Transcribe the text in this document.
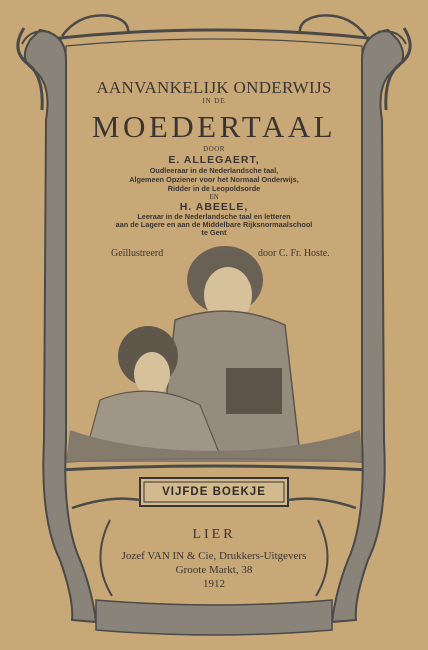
AANVANKELIJK ONDERWIJS
IN DE
MOEDERTAAL
DOOR
E. ALLEGAERT,
Oudleeraar in de Nederlandsche taal,
Algemeen Opziener voor het Normaal Onderwijs,
Ridder in de Leopoldsorde
EN
H. ABEELE,
Leeraar in de Nederlandsche taal en letteren
aan de Lagere en aan de Middelbare Rijksnormaalschool
te Gent
Geïllustreerd	door C. Fr. Hoste.
VIJFDE BOEKJE
LIER
Jozef VAN IN & Cie, Drukkers-Uitgevers
Groote Markt, 38
1912
